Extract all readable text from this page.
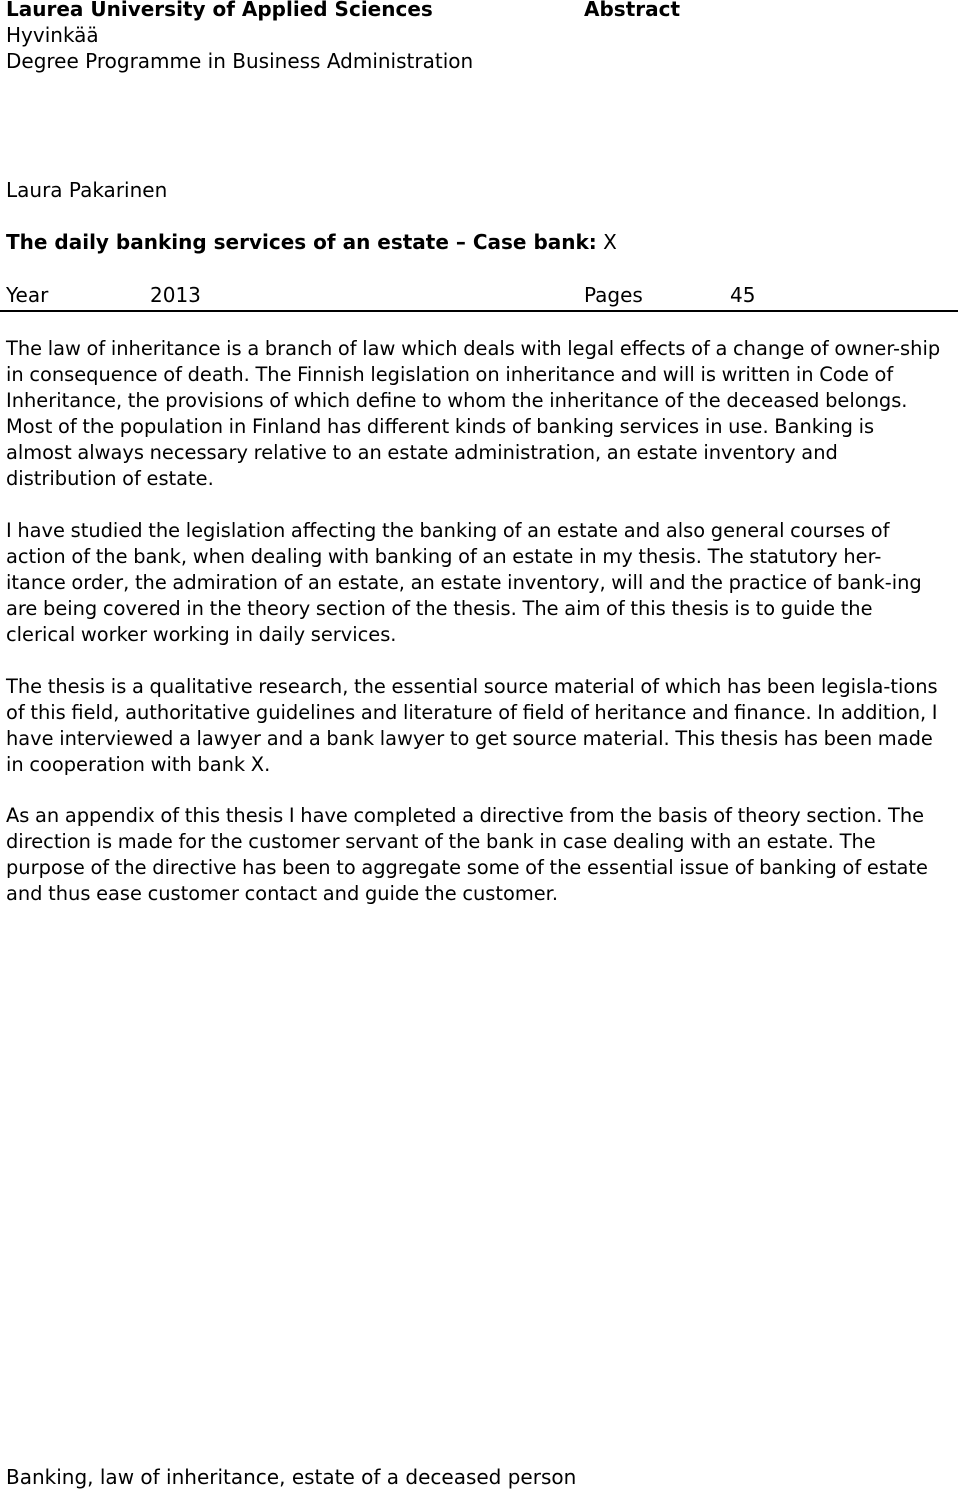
Laurea University of Applied Sciences	Abstract
Hyvinkää
Degree Programme in Business Administration
Laura Pakarinen
The daily banking services of an estate – Case bank: X
Year	2013	Pages	45

The law of inheritance is a branch of law which deals with legal effects of a change of owner-ship in consequence of death. The Finnish legislation on inheritance and will is written in Code of Inheritance, the provisions of which define to whom the inheritance of the deceased belongs. Most of the population in Finland has different kinds of banking services in use. Banking is almost always necessary relative to an estate administration, an estate inventory and distribution of estate.

I have studied the legislation affecting the banking of an estate and also general courses of action of the bank, when dealing with banking of an estate in my thesis. The statutory her-itance order, the admiration of an estate, an estate inventory, will and the practice of bank-ing are being covered in the theory section of the thesis. The aim of this thesis is to guide the clerical worker working in daily services.

The thesis is a qualitative research, the essential source material of which has been legisla-tions of this field, authoritative guidelines and literature of field of heritance and finance. In addition, I have interviewed a lawyer and a bank lawyer to get source material. This thesis has been made in cooperation with bank X.

As an appendix of this thesis I have completed a directive from the basis of theory section. The direction is made for the customer servant of the bank in case dealing with an estate. The purpose of the directive has been to aggregate some of the essential issue of banking of estate and thus ease customer contact and guide the customer.

Banking, law of inheritance, estate of a deceased person
